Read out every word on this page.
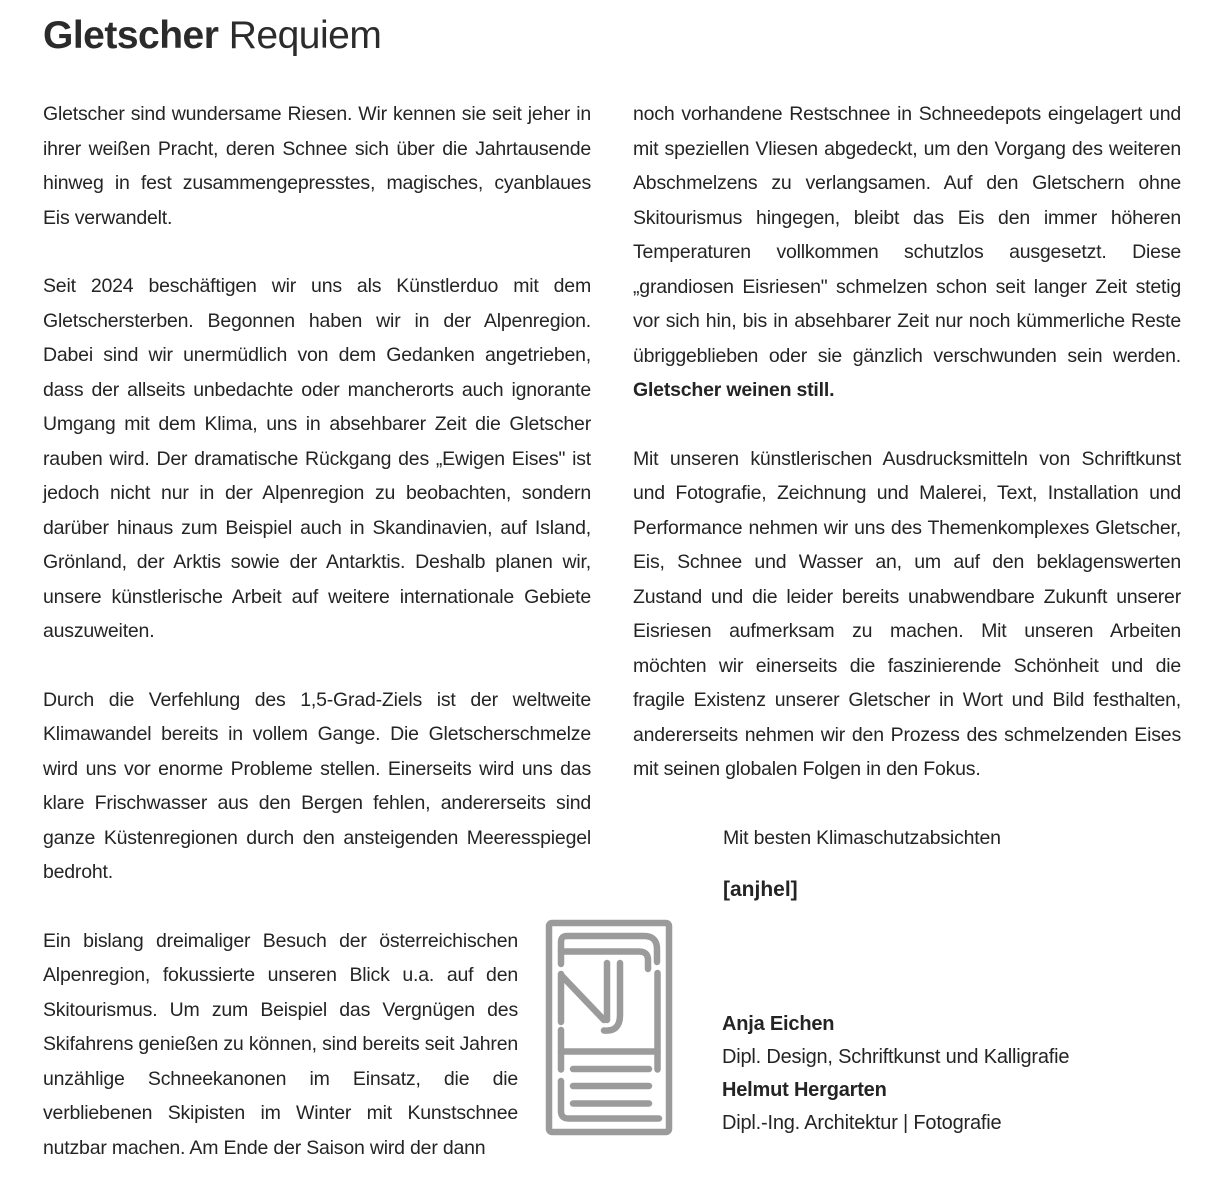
Gletscher Requiem

Gletscher sind wundersame Riesen. Wir kennen sie seit jeher in ihrer weißen Pracht, deren Schnee sich über die Jahrtausende hinweg in fest zusammengepresstes, magisches, cyanblaues Eis verwandelt.

Seit 2024 beschäftigen wir uns als Künstlerduo mit dem Gletschersterben. Begonnen haben wir in der Alpenregion. Dabei sind wir unermüdlich von dem Gedanken angetrieben, dass der allseits unbedachte oder mancherorts auch ignorante Umgang mit dem Klima, uns in absehbarer Zeit die Gletscher rauben wird. Der dramatische Rückgang des „Ewigen Eises" ist jedoch nicht nur in der Alpenregion zu beobachten, sondern darüber hinaus zum Beispiel auch in Skandinavien, auf Island, Grönland, der Arktis sowie der Antarktis. Deshalb planen wir, unsere künstlerische Arbeit auf weitere internationale Gebiete auszuweiten.

Durch die Verfehlung des 1,5-Grad-Ziels ist der weltweite Klimawandel bereits in vollem Gange. Die Gletscherschmelze wird uns vor enorme Probleme stellen. Einerseits wird uns das klare Frischwasser aus den Bergen fehlen, andererseits sind ganze Küstenregionen durch den ansteigenden Meeresspiegel bedroht.

Ein bislang dreimaliger Besuch der österreichischen Alpenregion, fokussierte unseren Blick u.a. auf den Skitourismus. Um zum Beispiel das Vergnügen des Skifahrens genießen zu können, sind bereits seit Jahren unzählige Schneekanonen im Einsatz, die die verbliebenen Skipisten im Winter mit Kunstschnee nutzbar machen. Am Ende der Saison wird der dann

noch vorhandene Restschnee in Schneedepots eingelagert und mit speziellen Vliesen abgedeckt, um den Vorgang des weiteren Abschmelzens zu verlangsamen. Auf den Gletschern ohne Skitourismus hingegen, bleibt das Eis den immer höheren Temperaturen vollkommen schutzlos ausgesetzt. Diese „grandiosen Eisriesen" schmelzen schon seit langer Zeit stetig vor sich hin, bis in absehbarer Zeit nur noch kümmerliche Reste übriggeblieben oder sie gänzlich verschwunden sein werden. Gletscher weinen still.

Mit unseren künstlerischen Ausdrucksmitteln von Schriftkunst und Fotografie, Zeichnung und Malerei, Text, Installation und Performance nehmen wir uns des Themenkomplexes Gletscher, Eis, Schnee und Wasser an, um auf den beklagenswerten Zustand und die leider bereits unabwendbare Zukunft unserer Eisriesen aufmerksam zu machen. Mit unseren Arbeiten möchten wir einerseits die faszinierende Schönheit und die fragile Existenz unserer Gletscher in Wort und Bild festhalten, andererseits nehmen wir den Prozess des schmelzenden Eises mit seinen globalen Folgen in den Fokus.

Mit besten Klimaschutzabsichten

[anjhel]

Anja Eichen
Dipl. Design, Schriftkunst und Kalligrafie
Helmut Hergarten
Dipl.-Ing. Architektur | Fotografie
